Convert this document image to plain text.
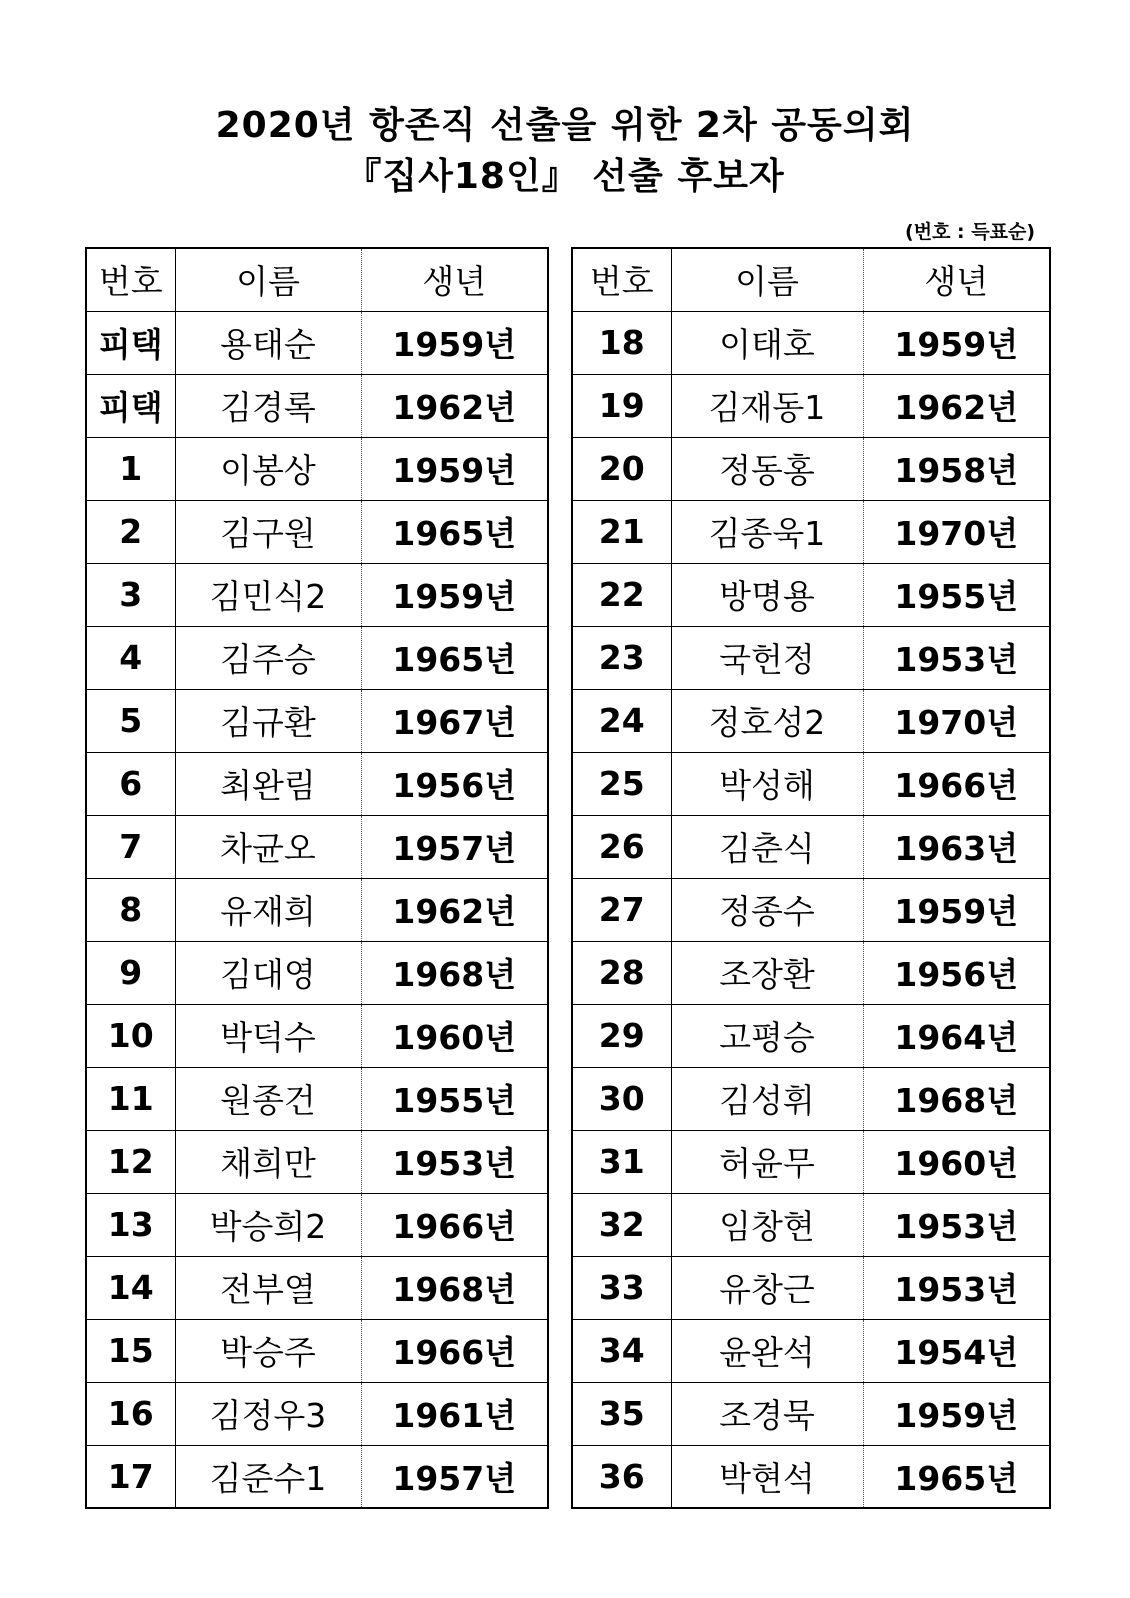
2020년 항존직 선출을 위한 2차 공동의회
『집사18인』 선출 후보자
(번호 : 득표순)
번호	이름	생년
피택	용태순	1959년
피택	김경록	1962년
1	이봉상	1959년
2	김구원	1965년
3	김민식2	1959년
4	김주승	1965년
5	김규환	1967년
6	최완림	1956년
7	차균오	1957년
8	유재희	1962년
9	김대영	1968년
10	박덕수	1960년
11	원종건	1955년
12	채희만	1953년
13	박승희2	1966년
14	전부열	1968년
15	박승주	1966년
16	김정우3	1961년
17	김준수1	1957년
번호	이름	생년
18	이태호	1959년
19	김재동1	1962년
20	정동홍	1958년
21	김종욱1	1970년
22	방명용	1955년
23	국헌정	1953년
24	정호성2	1970년
25	박성해	1966년
26	김춘식	1963년
27	정종수	1959년
28	조장환	1956년
29	고평승	1964년
30	김성휘	1968년
31	허윤무	1960년
32	임창현	1953년
33	유창근	1953년
34	윤완석	1954년
35	조경묵	1959년
36	박현석	1965년
